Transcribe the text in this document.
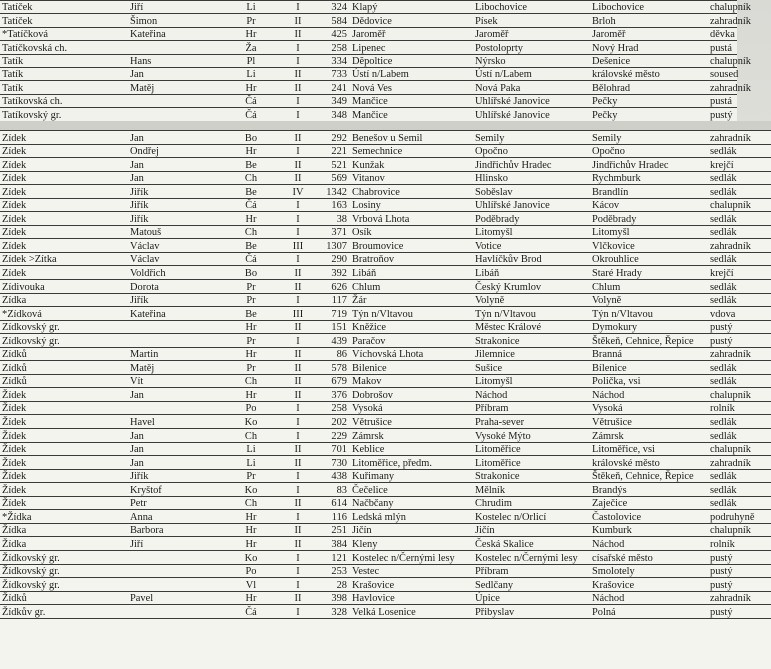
Tatíček	Jiří	Li	I	324	Klapý	Libochovice	Libochovice	chalupník
Tatíček	Šimon	Pr	II	584	Dědovice	Písek	Brloh	zahradník
*Tatíčková	Kateřina	Hr	II	425	Jaroměř	Jaroměř	Jaroměř	děvka
Tatíčkovská ch.		Ža	I	258	Lipenec	Postoloprty	Nový Hrad	pustá
Tatík	Hans	Pl	I	334	Dĕpoltice	Nýrsko	Dešenice	chalupník
Tatík	Jan	Li	II	733	Ústí n/Labem	Ústí n/Labem	královské město	soused
Tatík	Matěj	Hr	II	241	Nová Ves	Nová Paka	Bělohrad	zahradník
Tatíkovská ch.		Čá	I	349	Mančice	Uhlířské Janovice	Pečky	pustá
Tatíkovský gr.		Čá	I	348	Mančice	Uhlířské Janovice	Pečky	pustý
Zídek	Jan	Bo	II	292	Benešov u Semil	Semily	Semily	zahradník
Zídek	Ondřej	Hr	I	221	Semechnice	Opočno	Opočno	sedlák
Zídek	Jan	Be	II	521	Kunžak	Jindřichův Hradec	Jindřichův Hradec	krejčí
Zídek	Jan	Ch	II	569	Vitanov	Hlinsko	Rychmburk	sedlák
Zídek	Jiřík	Be	IV	1342	Chabrovice	Soběslav	Brandlín	sedlák
Zídek	Jiřík	Čá	I	163	Losiny	Uhlířské Janovice	Kácov	chalupník
Zídek	Jiřík	Hr	I	38	Vrbová Lhota	Poděbrady	Poděbrady	sedlák
Zídek	Matouš	Ch	I	371	Osík	Litomyšl	Litomyšl	sedlák
Zídek	Václav	Be	III	1307	Broumovice	Votice	Vlčkovice	zahradník
Zídek >Zítka	Václav	Čá	I	290	Bratroňov	Havlíčkův Brod	Okrouhlice	sedlák
Zídek	Voldřich	Bo	II	392	Libáň	Libáň	Staré Hrady	krejčí
Zídivouka	Dorota	Pr	II	626	Chlum	Český Krumlov	Chlum	sedlák
Zídka	Jiřík	Pr	I	117	Žár	Volyně	Volyně	sedlák
*Zídková	Kateřina	Be	III	719	Týn n/Vltavou	Týn n/Vltavou	Týn n/Vltavou	vdova
Zídkovský gr.		Hr	II	151	Kněžice	Městec Králové	Dymokury	pustý
Zídkovský gr.		Pr	I	439	Paračov	Strakonice	Štěkeň, Cehnice, Řepice	pustý
Zídků	Martin	Hr	II	86	Víchovská Lhota	Jilemnice	Branná	zahradník
Zídků	Matěj	Pr	II	578	Bilenice	Sušice	Bílenice	sedlák
Zídků	Vít	Ch	II	679	Makov	Litomyšl	Polička, vsi	sedlák
Žídek	Jan	Hr	II	376	Dobrošov	Náchod	Náchod	chalupník
Žídek		Po	I	258	Vysoká	Příbram	Vysoká	rolník
Žídek	Havel	Ko	I	202	Větrušice	Praha-sever	Větrušice	sedlák
Žídek	Jan	Ch	I	229	Zámrsk	Vysoké Mýto	Zámrsk	sedlák
Žídek	Jan	Li	II	701	Keblice	Litoměřice	Litoměřice, vsi	chalupník
Žídek	Jan	Li	II	730	Litoměřice, předm.	Litoměřice	královské město	zahradník
Žídek	Jiřík	Pr	I	438	Kuřimany	Strakonice	Štěkeň, Cehnice, Řepice	sedlák
Žídek	Kryštof	Ko	I	83	Čečelice	Mělník	Brandýs	sedlák
Žídek	Petr	Ch	II	614	Načbčany	Chrudim	Zaječice	sedlák
*Žídka	Anna	Hr	I	116	Ledská mlýn	Kostelec n/Orlicí	Častolovice	podruhyně
Žídka	Barbora	Hr	II	251	Jičín	Jičín	Kumburk	chalupník
Žídka	Jiří	Hr	II	384	Kleny	Česká Skalice	Náchod	rolník
Žídkovský gr.		Ko	I	121	Kostelec n/Černými lesy	Kostelec n/Černými lesy	císařské město	pustý
Žídkovský gr.		Po	I	253	Vestec	Příbram	Smolotely	pustý
Žídkovský gr.		Vl	I	28	Krašovice	Sedlčany	Krašovice	pustý
Žídků	Pavel	Hr	II	398	Havlovice	Úpice	Náchod	zahradník
Žídkův gr.		Čá	I	328	Velká Losenice	Přibyslav	Polná	pustý
